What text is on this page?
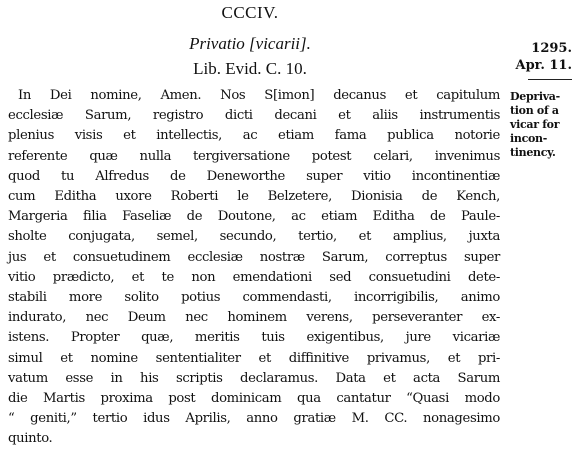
CCCIV.
Privatio [vicarii].
Lib. Evid. C. 10.
1295.
Apr. 11.
Depriva-
tion of a
vicar for
incon-
tinency.
In Dei nomine, Amen. Nos S[imon] decanus et capitulum
ecclesiæ Sarum, registro dicti decani et aliis instrumentis
plenius visis et intellectis, ac etiam fama publica notorie
referente quæ nulla tergiversatione potest celari, invenimus
quod tu Alfredus de Deneworthe super vitio incontinentiæ
cum Editha uxore Roberti le Belzetere, Dionisia de Kench,
Margeria filia Faseliæ de Doutone, ac etiam Editha de Paule-
sholte conjugata, semel, secundo, tertio, et amplius, juxta
jus et consuetudinem ecclesiæ nostræ Sarum, correptus super
vitio prædicto, et te non emendationi sed consuetudini dete-
stabili more solito potius commendasti, incorrigibilis, animo
indurato, nec Deum nec hominem verens, perseveranter ex-
istens. Propter quæ, meritis tuis exigentibus, jure vicariæ
simul et nomine sententialiter et diffinitive privamus, et pri-
vatum esse in his scriptis declaramus. Data et acta Sarum
die Martis proxima post dominicam qua cantatur “Quasi modo
“ geniti,” tertio idus Aprilis, anno gratiæ M. CC. nonagesimo
quinto.
